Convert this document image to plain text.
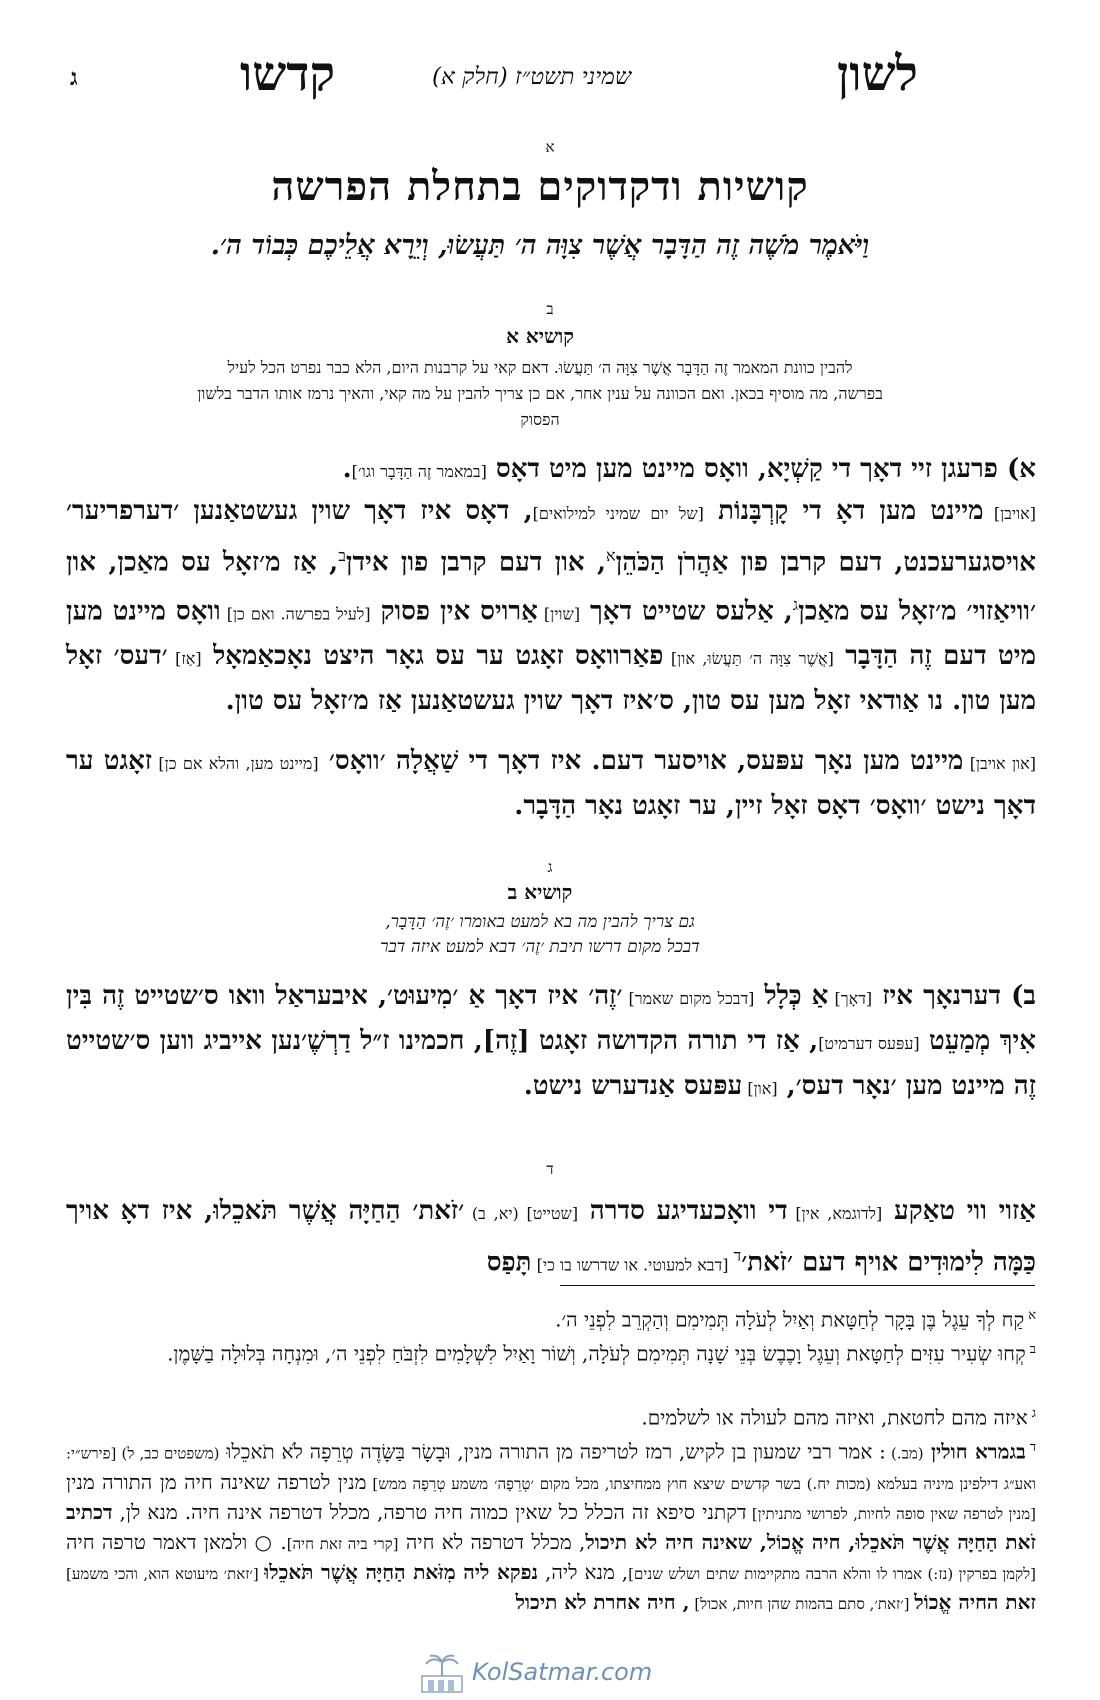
לשון
קדשו	שמיני תשט״ז (חלק א)
ג
א
קושיות ודקדוקים בתחלת הפרשה
וַיֹּאמֶר מֹשֶׁה זֶה הַדָּבָר אֲשֶׁר צִוָּה ה׳ תַּעֲשׂוּ, וְיֵרָא אֲלֵיכֶם כְּבוֹד ה׳.
ב
קושיא א
להבין כוונת המאמר זֶה הַדָּבָר אֲשֶׁר צִוָּה ה׳ תַּעֲשׂוּ. דאם קאי על קרבנות היום, הלא כבר נפרט הכל לעיל
בפרשה, מה מוסיף בכאן. ואם הכוונה על ענין אחר, אם כן צריך להבין על מה קאי, והאיך נרמז אותו הדבר בלשון
הפסוק
א) פרעגן זיי דאָך די קַשְׁיָא, וואָס מיינט מען מיט דאָס [במאמר זֶה הַדָּבָר וגו׳].
[אויבן] מיינט מען דאָ די קָרְבָּנוֹת [של יום שמיני למילואים], דאָס איז דאָך שוין געשטאַנען ׳דערפריער׳ אויסגערעכנט, דעם קרבן פון אַהֲרֹן הַכֹּהֵן$^א$, און דעם קרבן פון אידן$^ב$, אַז מ׳זאָל עס מאַכן, און ׳וויאַזוי׳ מ׳זאָל עס מאַכן$^ג$, אַלעס שטייט דאָך [שוין] אַרויס אין פסוק [לעיל בפרשה. ואם כן] וואָס מיינט מען מיט דעם זֶה הַדָּבָר [אֲשֶׁר צִוָּה ה׳ תַּעֲשׂוּ, און] פאַרוואָס זאָגט ער עס גאָר היצט נאָכאַמאָל [אַז] ׳דעס׳ זאָל מען טון. נו אַודאי זאָל מען עס טון, ס׳איז דאָך שוין געשטאַנען אַז מ׳זאָל עס טון.
[און אויבן] מיינט מען נאָך עפּעס, אויסער דעם. איז דאָך די שַׁאֲלָה ׳וואָס׳ [מיינט מען, והלא אם כן] זאָגט ער דאָך נישט ׳וואָס׳ דאָס זאָל זיין, ער זאָגט נאָר הַדָּבָר.
ג
קושיא ב
גם צריך להבין מה בא למעט באומרו ׳זֶה׳ הַדָּבָר,
דבכל מקום דרשו תיבת ׳זֶה׳ דבא למעט איזה דבר
ב) דערנאָך איז [דאָך] אַ כְּלָל [דבכל מקום שאמר] ׳זֶה׳ איז דאָך אַ ׳מִיעוּט׳, איבעראַל וואו ס׳שטייט זֶה בִּין אִיךְ מְמַעֵט [עפּעס דערמיט], אַז די תורה הקדושה זאָגט [זֶה], חכמינו ז״ל דַרְשֶׁ׳נען אייביג ווען ס׳שטייט זֶה מיינט מען ׳נאָר דעס׳, [און] עפּעס אַנדערש נישט.
ד
אַזוי ווי טאַקע [לדוגמא, אין] די וואָכעדיגע סדרה [שטייט] (יא, ב) ׳זֹאת׳ הַחַיָּה אֲשֶׁר תֹּאכֵלוּ, איז דאָ אויך כַּמָּה לִימוּדִים אויף דעם ׳זֹאת׳$^ד$ [דבא למעוטי. או שדרשו בו כי] תָּפַס
$^א$קַח לְךָ עֵגֶל בֶּן בָּקָר לְחַטָּאת וְאַיִל לְעֹלָה תְּמִימִם וְהַקְרֵב לִפְנֵי ה׳.
$^ב$קְחוּ שְׂעִיר עִזִּים לְחַטָּאת וְעֵגֶל וָכֶבֶשׂ בְּנֵי שָׁנָה תְּמִימִם לְעֹלָה, וְשׁוֹר וָאַיִל לִשְׁלָמִים לִזְבֹּחַ לִפְנֵי ה׳, וּמִנְחָה בְּלוּלָה בַשָּׁמֶן.
$^ג$איזה מהם לחטאת, ואיזה מהם לעולה או לשלמים.
$^ד$בגמרא חולין (מב.) : אמר רבי שמעון בן לקיש, רמז לטריפה מן התורה מנין, וּבָשָׂר בַּשָּׂדֶה טְרֵפָה לֹא תֹאכֵלוּ (משפטים כב, ל) [פירש״י: ואע״ג דילפינן מיניה בעלמא (מכות יח.) בשר קדשים שיצא חוץ ממחיצתו, מכל מקום ׳טְרֵפָה׳ משמע טְרֵפָה ממש] מנין לטרפה שאינה חיה מן התורה מנין [מנין לטרפה שאין סופה לחיות, לפרושי מתניתין] דקתני סיפא זה הכלל כל שאין כמוה חיה טרפה, מכלל דטרפה אינה חיה. מנא לן, דכתיב זֹאת הַחַיָּה אֲשֶׁר תֹּאכֵלוּ, חיה אֱכוֹל, שאינה חיה לא תיכול, מכלל דטרפה לא חיה [קרי ביה זאת חיה]. ○ ולמאן דאמר טרפה חיה [לקמן בפרקין (נז:) אמרו לו והלא הרבה מתקיימות שתים ושלש שנים], מנא ליה, נפקא ליה מִזֹּאת הַחַיָּה אֲשֶׁר תֹּאכֵלוּ [׳זאת׳ מיעוטא הוא, והכי משמע] זאת החיה אֱכוֹל [׳זאת׳, סתם בהמות שהן חיות, אכול] , חיה אחרת לא תיכול
KolSatmar.com
